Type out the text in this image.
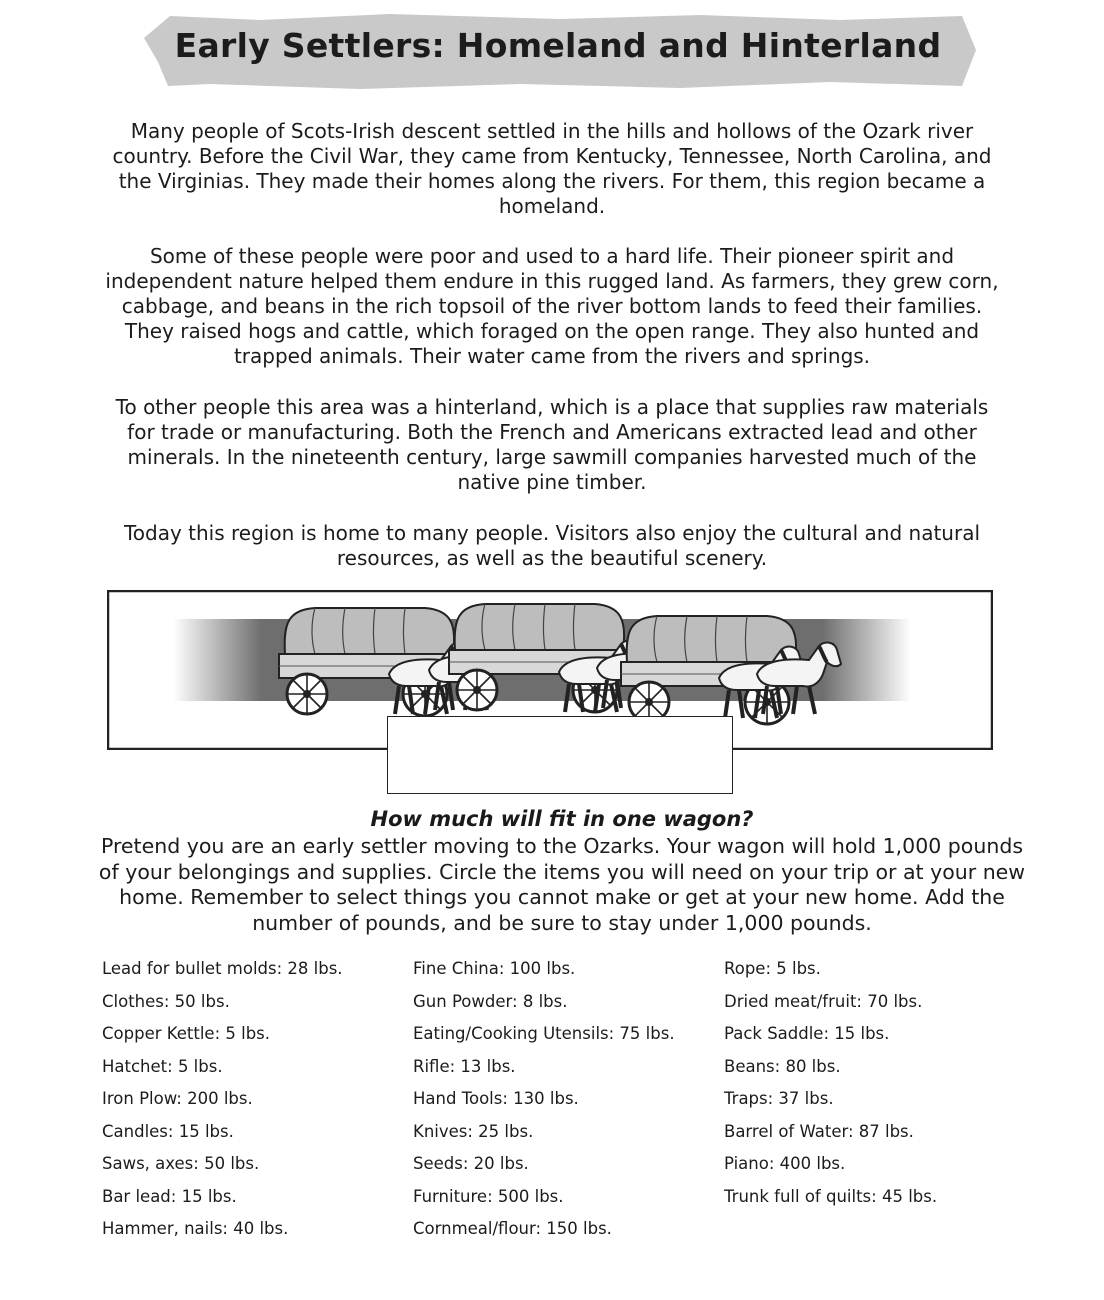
Early Settlers: Homeland and Hinterland

Many people of Scots-Irish descent settled in the hills and hollows of the Ozark river country. Before the Civil War, they came from Kentucky, Tennessee, North Carolina, and the Virginias. They made their homes along the rivers. For them, this region became a homeland.

Some of these people were poor and used to a hard life. Their pioneer spirit and independent nature helped them endure in this rugged land. As farmers, they grew corn, cabbage, and beans in the rich topsoil of the river bottom lands to feed their families. They raised hogs and cattle, which foraged on the open range. They also hunted and trapped animals. Their water came from the rivers and springs.

To other people this area was a hinterland, which is a place that supplies raw materials for trade or manufacturing. Both the French and Americans extracted lead and other minerals. In the nineteenth century, large sawmill companies harvested much of the native pine timber.

Today this region is home to many people. Visitors also enjoy the cultural and natural resources, as well as the beautiful scenery.

How much will fit in one wagon?

Pretend you are an early settler moving to the Ozarks. Your wagon will hold 1,000 pounds of your belongings and supplies. Circle the items you will need on your trip or at your new home. Remember to select things you cannot make or get at your new home. Add the number of pounds, and be sure to stay under 1,000 pounds.

Lead for bullet molds: 28 lbs.
Clothes: 50 lbs.
Copper Kettle: 5 lbs.
Hatchet: 5 lbs.
Iron Plow: 200 lbs.
Candles: 15 lbs.
Saws, axes: 50 lbs.
Bar lead: 15 lbs.
Hammer, nails: 40 lbs.
Fine China: 100 lbs.
Gun Powder: 8 lbs.
Eating/Cooking Utensils: 75 lbs.
Rifle: 13 lbs.
Hand Tools: 130 lbs.
Knives: 25 lbs.
Seeds: 20 lbs.
Furniture: 500 lbs.
Cornmeal/flour: 150 lbs.
Rope: 5 lbs.
Dried meat/fruit: 70 lbs.
Pack Saddle: 15 lbs.
Beans: 80 lbs.
Traps: 37 lbs.
Barrel of Water: 87 lbs.
Piano: 400 lbs.
Trunk full of quilts: 45 lbs.
